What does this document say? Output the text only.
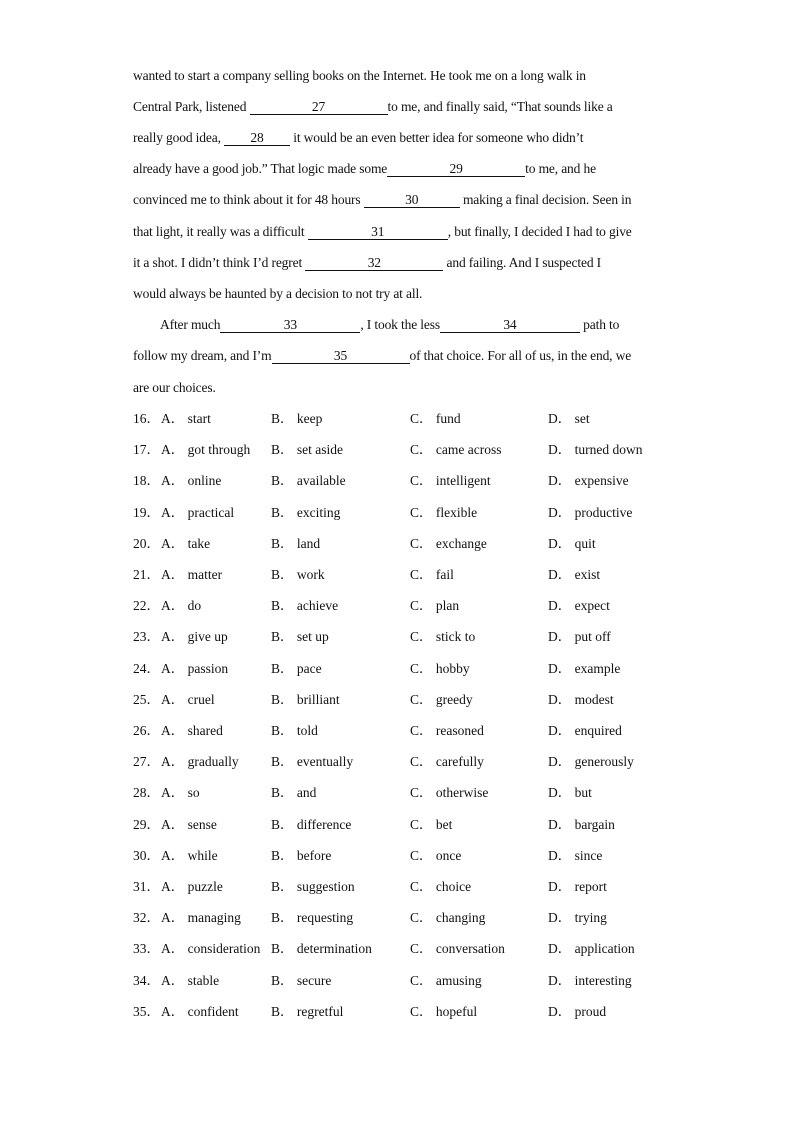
wanted to start a company selling books on the Internet. He took me on a long walk in
Central Park, listened	27	to me, and finally said, “That sounds like a
really good idea, 28 it would be an even better idea for someone who didn’t
already have a good job.” That logic made some	29	to me, and he
convinced me to think about it for 48 hours	30	making a final decision. Seen in
that light, it really was a difficult	31	, but finally, I decided I had to give
it a shot. I didn’t think I’d regret	32	and failing. And I suspected I
would always be haunted by a decision to not try at all.
After much	33	, I took the less	34	path to
follow my dream, and I’m	35	of that choice. For all of us, in the end, we
are our choices.
16． A． start	B． keep	C． fund	D． set
17． A． got through B． set aside	C． came across	D． turned down
18． A． online	B． available	C． intelligent	D． expensive
19． A． practical	B． exciting	C． flexible	D． productive
20． A． take	B． land	C． exchange	D． quit
21． A． matter	B． work	C． fail	D． exist
22． A． do	B． achieve	C． plan	D． expect
23． A． give up	B． set up	C． stick to	D． put off
24． A． passion	B． pace	C． hobby	D． example
25． A． cruel	B． brilliant	C． greedy	D． modest
26． A． shared	B． told	C． reasoned	D． enquired
27． A． gradually B． eventually	C． carefully	D． generously
28． A． so	B． and	C． otherwise	D． but
29． A． sense	B． difference	C． bet	D． bargain
30． A． while	B． before	C． once	D． since
31． A． puzzle	B． suggestion	C． choice	D． report
32． A． managing B． requesting	C． changing	D． trying
33． A． consideration B． determination	C． conversation	D． application
34． A． stable	B． secure	C． amusing	D． interesting
35． A． confident B． regretful	C． hopeful	D． proud
